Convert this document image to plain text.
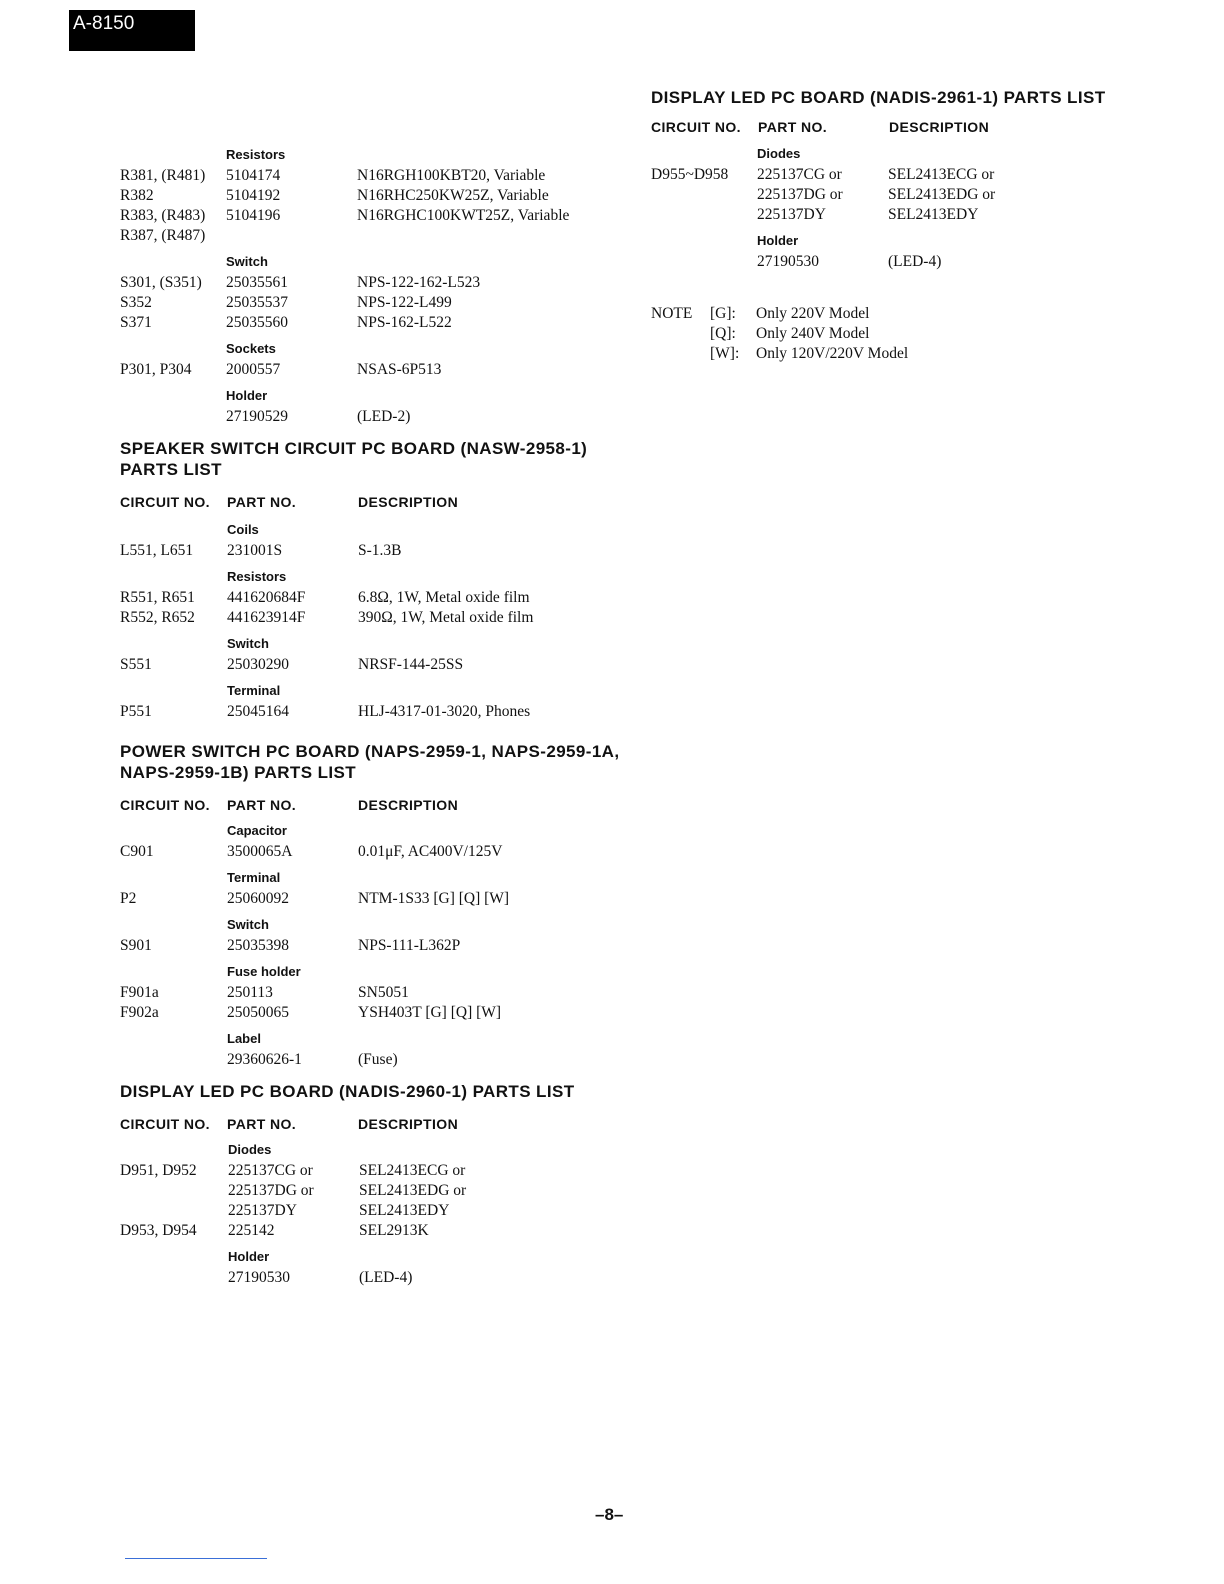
A-8150
Resistors
R381, (R481) 5104174	N16RGH100KBT20, Variable
R382	5104192	N16RHC250KW25Z, Variable
R383, (R483) 5104196	N16RGHC100KWT25Z, Variable
R387, (R487)
Switch
S301, (S351) 25035561	NPS-122-162-L523
S352	25035537	NPS-122-L499
S371	25035560	NPS-162-L522
Sockets
P301, P304 2000557	NSAS-6P513
Holder
27190529	(LED-2)
SPEAKER SWITCH CIRCUIT PC BOARD (NASW-2958-1)
PARTS LIST
CIRCUIT NO. PART NO.	DESCRIPTION
Coils
L551, L651 231001S	S-1.3B
Resistors
R551, R651 441620684F	6.8Ω, 1W, Metal oxide film
R552, R652 441623914F	390Ω, 1W, Metal oxide film
Switch
S551	25030290	NRSF-144-25SS
Terminal
P551	25045164	HLJ-4317-01-3020, Phones
POWER SWITCH PC BOARD (NAPS-2959-1, NAPS-2959-1A,
NAPS-2959-1B) PARTS LIST
CIRCUIT NO. PART NO.	DESCRIPTION
Capacitor
C901	3500065A	0.01μF, AC400V/125V
Terminal
P2	25060092	NTM-1S33 [G] [Q] [W]
Switch
S901	25035398	NPS-111-L362P
Fuse holder
F901a	250113	SN5051
F902a	25050065	YSH403T [G] [Q] [W]
Label
29360626-1	(Fuse)
DISPLAY LED PC BOARD (NADIS-2960-1) PARTS LIST
CIRCUIT NO. PART NO.	DESCRIPTION
Diodes
D951, D952 225137CG or	SEL2413ECG or
225137DG or	SEL2413EDG or
225137DY	SEL2413EDY
D953, D954 225142	SEL2913K
Holder
27190530	(LED-4)
DISPLAY LED PC BOARD (NADIS-2961-1) PARTS LIST
CIRCUIT NO. PART NO.	DESCRIPTION
Diodes
D955~D958 225137CG or	SEL2413ECG or
225137DG or	SEL2413EDG or
225137DY	SEL2413EDY
Holder
27190530	(LED-4)
NOTE [G]: Only 220V Model
[Q]: Only 240V Model
[W]: Only 120V/220V Model
–8–
